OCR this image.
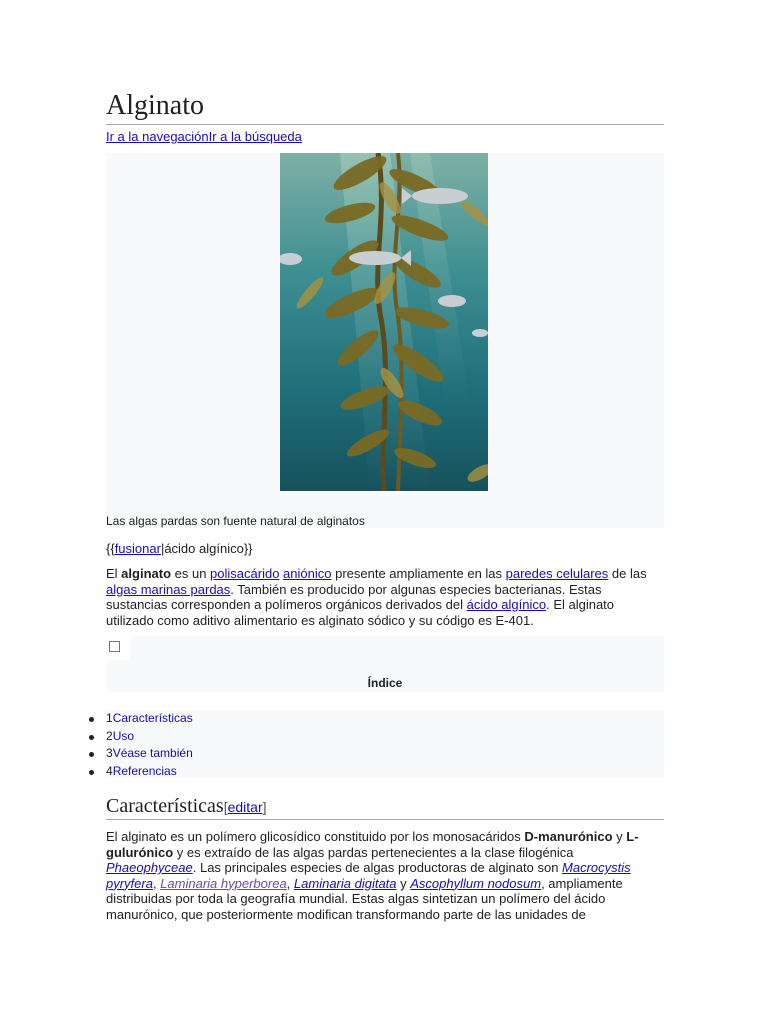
Alginato
Ir a la navegaciónIr a la búsqueda
Las algas pardas son fuente natural de alginatos
{{fusionar|ácido algínico}}

El alginato es un polisacárido aniónico presente ampliamente en las paredes celulares de las algas marinas pardas. También es producido por algunas especies bacterianas. Estas sustancias corresponden a polímeros orgánicos derivados del ácido algínico. El alginato utilizado como aditivo alimentario es alginato sódico y su código es E-401.

Índice
1Características
2Uso
3Véase también
4Referencias
Características[editar]

El alginato es un polímero glicosídico constituido por los monosacáridos D-manurónico y L-gulurónico y es extraído de las algas pardas pertenecientes a la clase filogénica Phaeophyceae. Las principales especies de algas productoras de alginato son Macrocystis pyryfera, Laminaria hyperborea, Laminaria digitata y Ascophyllum nodosum, ampliamente distribuidas por toda la geografía mundial. Estas algas sintetizan un polímero del ácido manurónico, que posteriormente modifican transformando parte de las unidades de
